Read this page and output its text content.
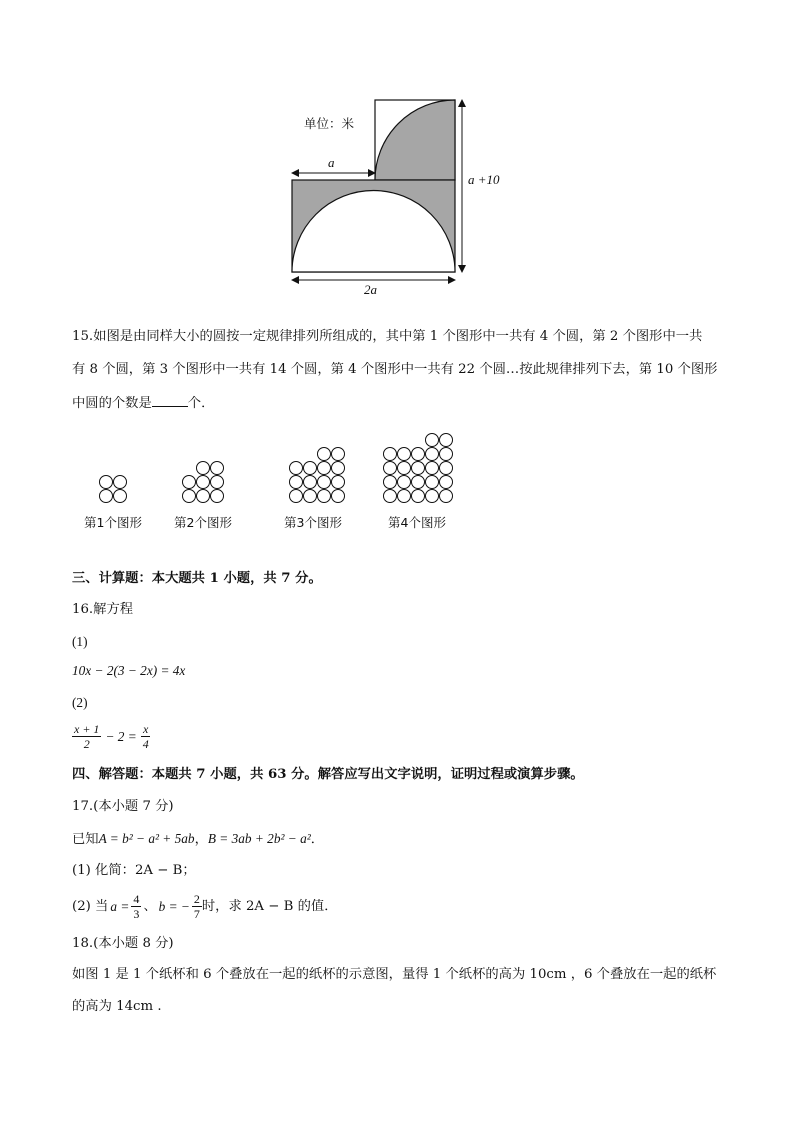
单位：米
a
a +10
2a
15.如图是由同样大小的圆按一定规律排列所组成的，其中第 1 个图形中一共有 4 个圆，第 2 个图形中一共
有 8 个圆，第 3 个图形中一共有 14 个圆，第 4 个图形中一共有 22 个圆…按此规律排列下去，第 10 个图形
中圆的个数是	个．
第1个图形	第2个图形	第3个图形	第4个图形
三、计算题：本大题共 1 小题，共 7 分。
16.解方程
(1)
10x − 2(3 − 2x) = 4x
(2)
$\frac{x + 1}{2} - 2 = \frac{x}{4}$
四、解答题：本题共 7 小题，共 63 分。解答应写出文字说明，证明过程或演算步骤。
17.(本小题 7 分)
已知A = b² − a² + 5ab，B = 3ab + 2b² − a²．
(1) 化简：2A − B；
(2) 当 $a = \frac{4}{3}$ 、 b = − $\frac{2}{7}$ 时，求 2A − B 的值．
18.(本小题 8 分)
如图 1 是 1 个纸杯和 6 个叠放在一起的纸杯的示意图，量得 1 个纸杯的高为 10cm ，6 个叠放在一起的纸杯
的高为 14cm .
